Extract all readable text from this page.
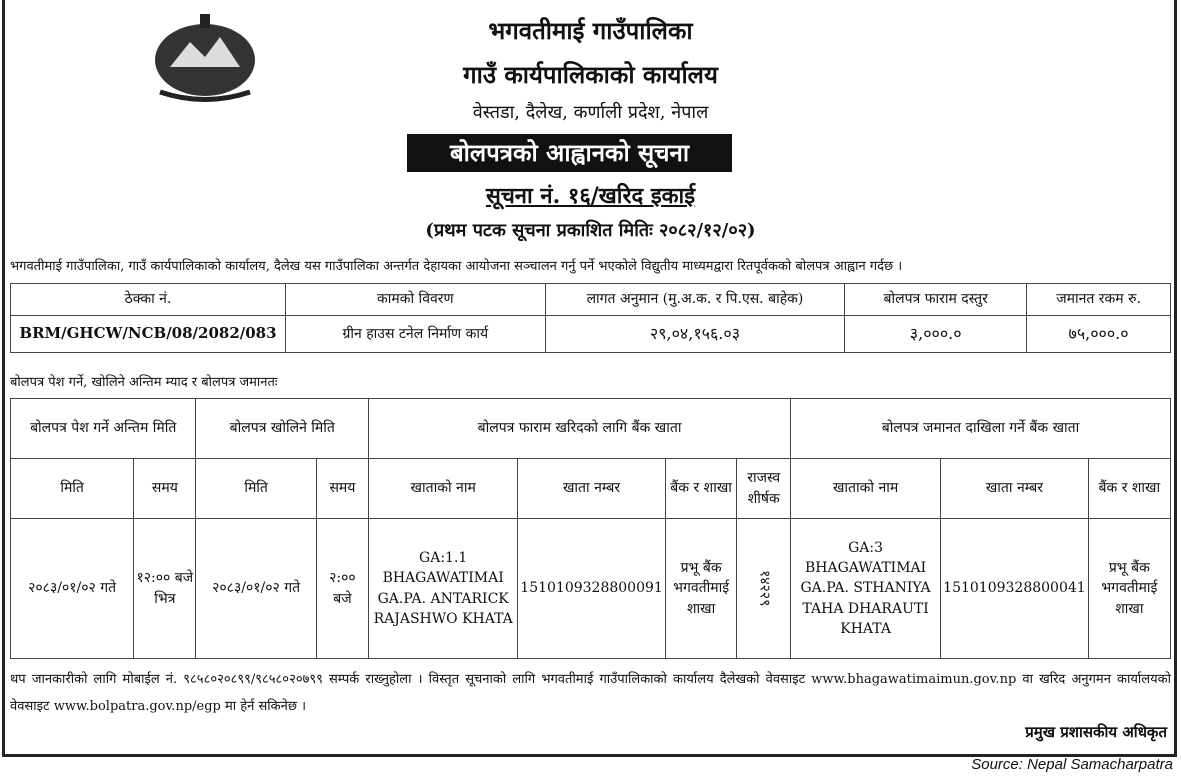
भगवतीमाई गाउँपालिका
गाउँ कार्यपालिकाको कार्यालय
वेस्तडा, दैलेख, कर्णाली प्रदेश, नेपाल
बोलपत्रको आह्वानको सूचना
सूचना नं. १६/खरिद इकाई
(प्रथम पटक सूचना प्रकाशित मितिः २०८२/१२/०२)
भगवतीमाई गाउँपालिका, गाउँ कार्यपालिकाको कार्यालय, दैलेख यस गाउँपालिका अन्तर्गत देहायका आयोजना सञ्चालन गर्नु पर्ने भएकोले विद्युतीय माध्यमद्वारा रितपूर्वकको बोलपत्र आह्वान गर्दछ ।
ठेक्का नं.	कामको विवरण	लागत अनुमान (मु.अ.क. र पि.एस. बाहेक)	बोलपत्र फाराम दस्तुर	जमानत रकम रु.
BRM/GHCW/NCB/08/2082/083	ग्रीन हाउस टनेल निर्माण कार्य	२९,०४,१५६.०३	३,०००.०	७५,०००.०
बोलपत्र पेश गर्ने, खोलिने अन्तिम म्याद र बोलपत्र जमानतः
बोलपत्र पेश गर्ने अन्तिम मिति		बोलपत्र खोलिने मिति		बोलपत्र फाराम खरिदको लागि बैंक खाता				बोलपत्र जमानत दाखिला गर्ने बैंक खाता		
मिति	समय	मिति	समय	खाताको नाम	खाता नम्बर	बैंक र शाखा	राजस्व शीर्षक	खाताको नाम	खाता नम्बर	बैंक र शाखा
२०८३/०१/०२ गते	१२:०० बजे भित्र	२०८३/०१/०२ गते	२:०० बजे	GA:1.1 BHAGAWATIMAI GA.PA. ANTARICK RAJASHWO KHATA	1510109328800091	प्रभू बैंक भगवतीमाई शाखा	१४२२९	GA:3 BHAGAWATIMAI GA.PA. STHANIYA TAHA DHARAUTI KHATA	1510109328800041	प्रभू बैंक भगवतीमाई शाखा
थप जानकारीको लागि मोबाईल नं. ९८५८०२०८९९/९८५८०२०७९९ सम्पर्क राख्नुहोला । विस्तृत सूचनाको लागि भगवतीमाई गाउँपालिकाको कार्यालय दैलेखको वेवसाइट www.bhagawatimaimun.gov.np वा खरिद अनुगमन कार्यालयको वेवसाइट www.bolpatra.gov.np/egp मा हेर्न सकिनेछ ।
प्रमुख प्रशासकीय अधिकृत
Source: Nepal Samacharpatra
